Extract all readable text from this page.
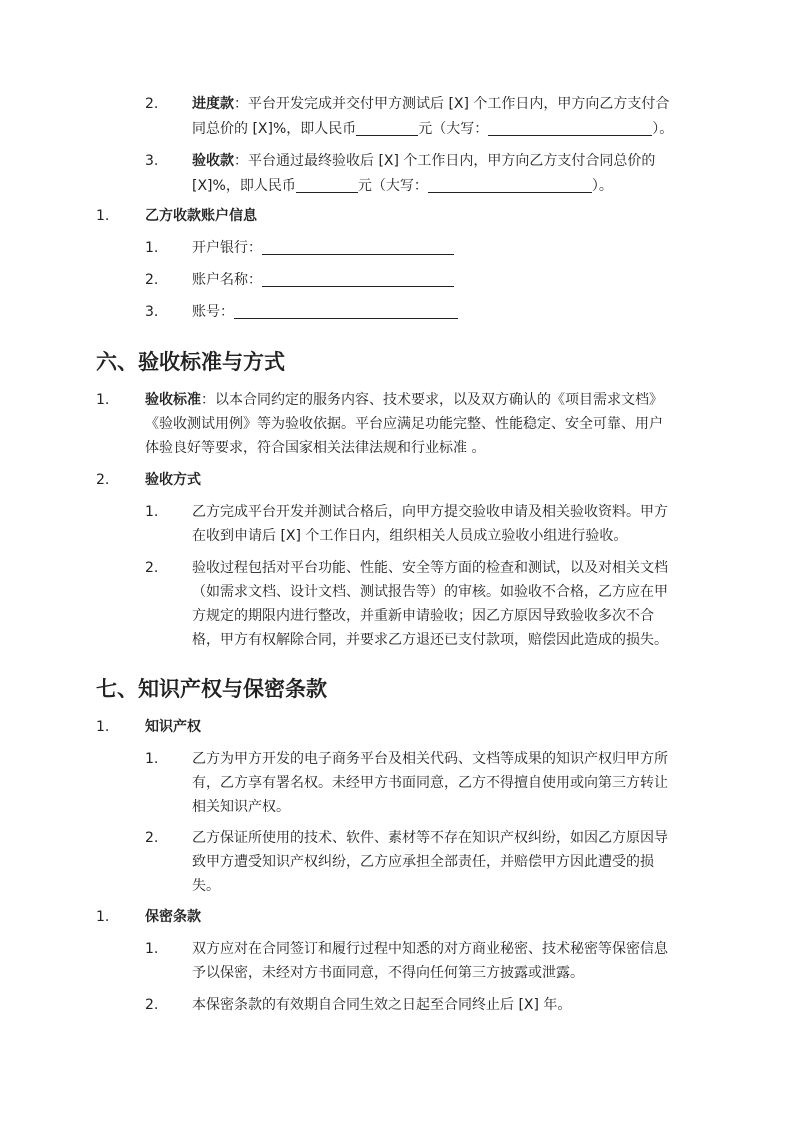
2. 进度款：平台开发完成并交付甲方测试后 [X] 个工作日内，甲方向乙方支付合
同总价的 [X]%，即人民币	元（大写：	）。
3. 验收款：平台通过最终验收后 [X] 个工作日内，甲方向乙方支付合同总价的
[X]%，即人民币	元（大写：	）。
1.	乙方收款账户信息
1. 开户银行：
2. 账户名称：
3. 账号：
六、验收标准与方式
1.	验收标准：以本合同约定的服务内容、技术要求，以及双方确认的《项目需求文档》
《验收测试用例》等为验收依据。平台应满足功能完整、性能稳定、安全可靠、用户
体验良好等要求，符合国家相关法律法规和行业标准 。
2.	验收方式
1. 乙方完成平台开发并测试合格后，向甲方提交验收申请及相关验收资料。甲方
在收到申请后 [X] 个工作日内，组织相关人员成立验收小组进行验收。
2. 验收过程包括对平台功能、性能、安全等方面的检查和测试，以及对相关文档
（如需求文档、设计文档、测试报告等）的审核。如验收不合格，乙方应在甲
方规定的期限内进行整改，并重新申请验收；因乙方原因导致验收多次不合
格，甲方有权解除合同，并要求乙方退还已支付款项，赔偿因此造成的损失。
七、知识产权与保密条款
1.	知识产权
1. 乙方为甲方开发的电子商务平台及相关代码、文档等成果的知识产权归甲方所
有，乙方享有署名权。未经甲方书面同意，乙方不得擅自使用或向第三方转让
相关知识产权。
2. 乙方保证所使用的技术、软件、素材等不存在知识产权纠纷，如因乙方原因导
致甲方遭受知识产权纠纷，乙方应承担全部责任，并赔偿甲方因此遭受的损
失。
1.	保密条款
1. 双方应对在合同签订和履行过程中知悉的对方商业秘密、技术秘密等保密信息
予以保密，未经对方书面同意，不得向任何第三方披露或泄露。
2. 本保密条款的有效期自合同生效之日起至合同终止后 [X] 年。
